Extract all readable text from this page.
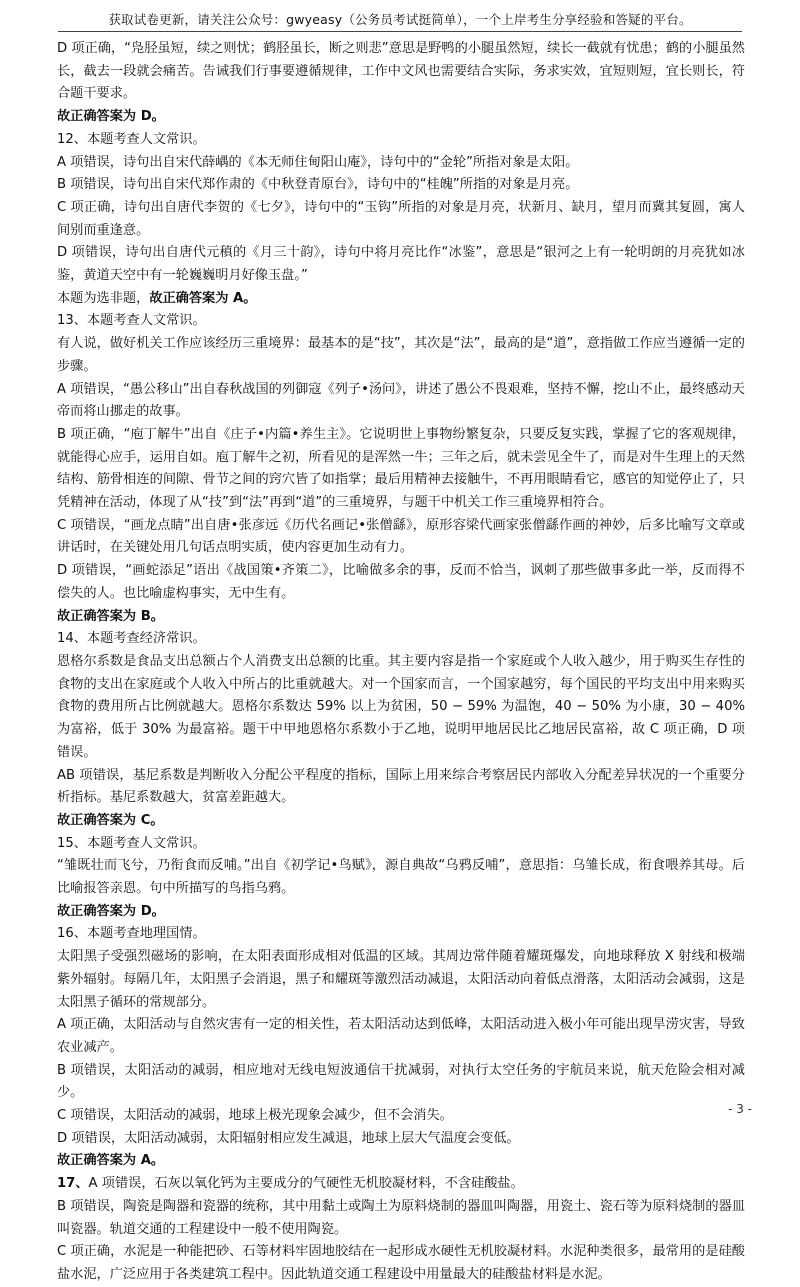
获取试卷更新，请关注公众号：gwyeasy（公务员考试挺简单），一个上岸考生分享经验和答疑的平台。

D 项正确，“凫胫虽短，续之则忧；鹤胫虽长，断之则悲”意思是野鸭的小腿虽然短，续长一截就有忧患；鹤的小腿虽然长，截去一段就会痛苦。告诫我们行事要遵循规律，工作中文风也需要结合实际，务求实效，宜短则短，宜长则长，符合题干要求。

故正确答案为 D。

12、本题考查人文常识。

A 项错误，诗句出自宋代薛嵎的《本无师住甸阳山庵》，诗句中的“金轮”所指对象是太阳。

B 项错误，诗句出自宋代郑作肃的《中秋登青原台》，诗句中的“桂魄”所指的对象是月亮。

C 项正确，诗句出自唐代李贺的《七夕》，诗句中的“玉钩”所指的对象是月亮，状新月、缺月，望月而冀其复圆，寓人间别而重逢意。

D 项错误，诗句出自唐代元稹的《月三十韵》，诗句中将月亮比作“冰鉴”，意思是“银河之上有一轮明朗的月亮犹如冰鉴，黄道天空中有一轮巍巍明月好像玉盘。”

本题为选非题，故正确答案为 A。

13、本题考查人文常识。

有人说，做好机关工作应该经历三重境界：最基本的是“技”，其次是“法”，最高的是“道”，意指做工作应当遵循一定的步骤。

A 项错误，“愚公移山”出自春秋战国的列御寇《列子•汤问》，讲述了愚公不畏艰难，坚持不懈，挖山不止，最终感动天帝而将山挪走的故事。

B 项正确，“庖丁解牛”出自《庄子•内篇•养生主》。它说明世上事物纷繁复杂，只要反复实践，掌握了它的客观规律，就能得心应手，运用自如。庖丁解牛之初，所看见的是浑然一牛；三年之后，就未尝见全牛了，而是对牛生理上的天然结构、筋骨相连的间隙、骨节之间的窍穴皆了如指掌；最后用精神去接触牛，不再用眼睛看它，感官的知觉停止了，只凭精神在活动，体现了从“技”到“法”再到“道”的三重境界，与题干中机关工作三重境界相符合。

C 项错误，“画龙点睛”出自唐•张彦远《历代名画记•张僧繇》，原形容梁代画家张僧繇作画的神妙，后多比喻写文章或讲话时，在关键处用几句话点明实质，使内容更加生动有力。

D 项错误，“画蛇添足”语出《战国策•齐策二》，比喻做多余的事，反而不恰当，讽刺了那些做事多此一举，反而得不偿失的人。也比喻虚构事实，无中生有。

故正确答案为 B。

14、本题考查经济常识。

恩格尔系数是食品支出总额占个人消费支出总额的比重。其主要内容是指一个家庭或个人收入越少，用于购买生存性的食物的支出在家庭或个人收入中所占的比重就越大。对一个国家而言，一个国家越穷，每个国民的平均支出中用来购买食物的费用所占比例就越大。恩格尔系数达 59% 以上为贫困，50 − 59% 为温饱，40 − 50% 为小康，30 − 40% 为富裕，低于 30% 为最富裕。题干中甲地恩格尔系数小于乙地，说明甲地居民比乙地居民富裕，故 C 项正确，D 项错误。

AB 项错误，基尼系数是判断收入分配公平程度的指标，国际上用来综合考察居民内部收入分配差异状况的一个重要分析指标。基尼系数越大，贫富差距越大。

故正确答案为 C。

15、本题考查人文常识。

“雏既壮而飞兮，乃衔食而反哺。”出自《初学记•鸟赋》，源自典故“乌鸦反哺”，意思指：乌雏长成，衔食喂养其母。后比喻报答亲恩。句中所描写的鸟指乌鸦。

故正确答案为 D。

16、本题考查地理国情。

太阳黑子受强烈磁场的影响，在太阳表面形成相对低温的区域。其周边常伴随着耀斑爆发，向地球释放 X 射线和极端紫外辐射。每隔几年，太阳黑子会消退，黑子和耀斑等激烈活动减退，太阳活动向着低点滑落，太阳活动会减弱，这是太阳黑子循环的常规部分。

A 项正确，太阳活动与自然灾害有一定的相关性，若太阳活动达到低峰，太阳活动进入极小年可能出现旱涝灾害，导致农业减产。

B 项错误，太阳活动的减弱，相应地对无线电短波通信干扰减弱，对执行太空任务的宇航员来说，航天危险会相对减少。

C 项错误，太阳活动的减弱，地球上极光现象会减少，但不会消失。

D 项错误，太阳活动减弱，太阳辐射相应发生减退，地球上层大气温度会变低。

故正确答案为 A。

17、A 项错误，石灰以氧化钙为主要成分的气硬性无机胶凝材料，不含硅酸盐。

B 项错误，陶瓷是陶器和瓷器的统称，其中用黏土或陶土为原料烧制的器皿叫陶器，用瓷土、瓷石等为原料烧制的器皿叫瓷器。轨道交通的工程建设中一般不使用陶瓷。

C 项正确，水泥是一种能把砂、石等材料牢固地胶结在一起形成水硬性无机胶凝材料。水泥种类很多，最常用的是硅酸盐水泥，广泛应用于各类建筑工程中。因此轨道交通工程建设中用量最大的硅酸盐材料是水泥。

- 3 -
